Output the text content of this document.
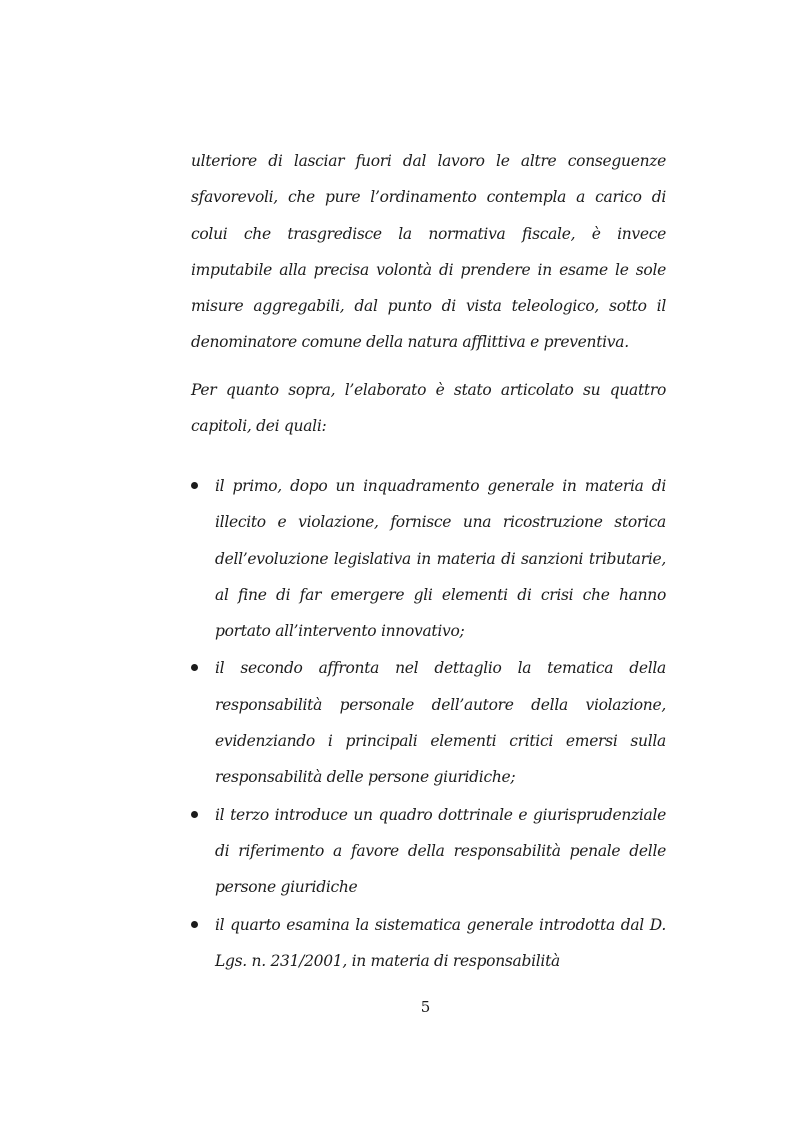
ulteriore di lasciar fuori dal lavoro le altre conseguenze sfavorevoli, che pure l’ordinamento contempla a carico di colui che trasgredisce la normativa fiscale, è invece imputabile alla precisa volontà di prendere in esame le sole misure aggregabili, dal punto di vista teleologico, sotto il denominatore comune della natura afflittiva e preventiva.

Per quanto sopra, l’elaborato è stato articolato su quattro capitoli, dei quali:

il primo, dopo un inquadramento generale in materia di illecito e violazione, fornisce una ricostruzione storica dell’evoluzione legislativa in materia di sanzioni tributarie, al fine di far emergere gli elementi di crisi che hanno portato all’intervento innovativo;
il secondo affronta nel dettaglio la tematica della responsabilità personale dell’autore della violazione, evidenziando i principali elementi critici emersi sulla responsabilità delle persone giuridiche;
il terzo introduce un quadro dottrinale e giurisprudenziale di riferimento a favore della responsabilità penale delle persone giuridiche
il quarto esamina la sistematica generale introdotta dal D. Lgs. n. 231/2001, in materia di responsabilità
5
